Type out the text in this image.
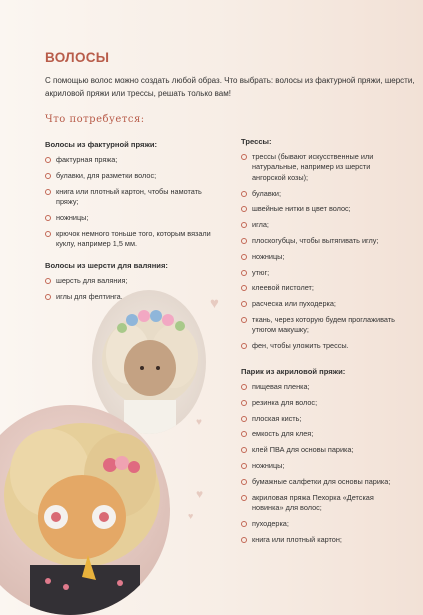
ВОЛОСЫ
С помощью волос можно создать любой образ. Что выбрать: волосы из фактурной пряжи, шерсти, акриловой пряжи или трессы, решать только вам!
Что потребуется:
Волосы из фактурной пряжи:
фактурная пряжа;
булавки, для разметки волос;
книга или плотный картон, чтобы намотать пряжу;
ножницы;
крючок немного тоньше того, которым вязали куклу, например 1,5 мм.
Волосы из шерсти для валяния:
шерсть для валяния;
иглы для фелтинга.	♥
♥
♥
♥
Трессы:
трессы (бывают искусственные или натуральные, например из шерсти ангорской козы);
булавки;
швейные нитки в цвет волос;
игла;
плоскогубцы, чтобы вытягивать иглу;
ножницы;
утюг;
клеевой пистолет;
расческа или пуходерка;
ткань, через которую будем проглаживать утюгом макушку;
фен, чтобы уложить трессы.
Парик из акриловой пряжи:
пищевая пленка;
резинка для волос;
плоская кисть;
емкость для клея;
клей ПВА для основы парика;
ножницы;
бумажные салфетки для основы парика;
акриловая пряжа Пехорка «Детская новинка» для волос;
пуходерка;
книга или плотный картон;
